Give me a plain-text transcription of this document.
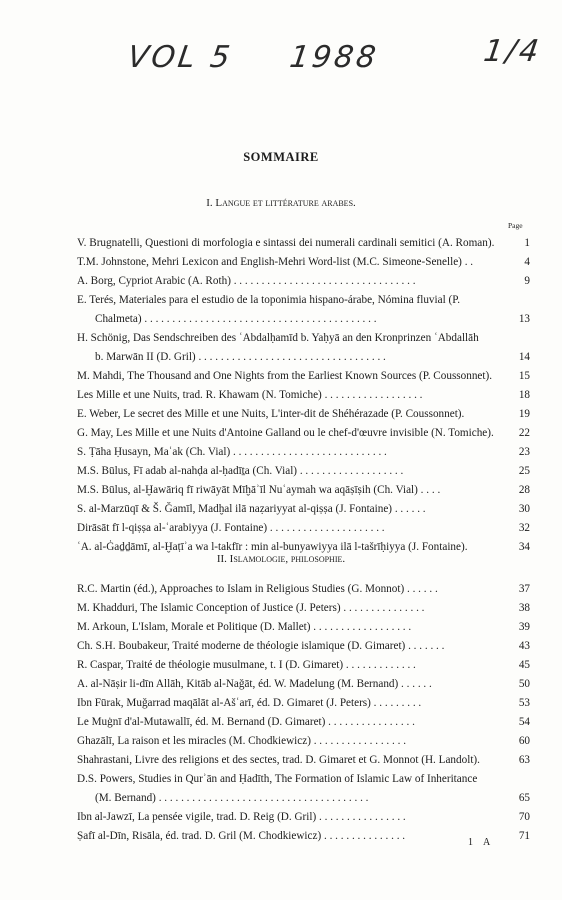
VOL 5 1988	1/4
SOMMAIRE
I. Langue et littérature arabes.
Page
V. Brugnatelli, Questioni di morfologia e sintassi dei numerali cardinali semitici (A. Roman).	1
T.M. Johnstone, Mehri Lexicon and English-Mehri Word-list (M.C. Simeone-Senelle) . .	4
A. Borg, Cypriot Arabic (A. Roth) . . . . . . . . . . . . . . . . . . . . . . . . . . . . . . . . .	9
E. Terés, Materiales para el estudio de la toponimia hispano-árabe, Nómina fluvial (P.
Chalmeta) . . . . . . . . . . . . . . . . . . . . . . . . . . . . . . . . . . . . . . . . . .	13
H. Schönig, Das Sendschreiben des ʿAbdalḥamīd b. Yaḥyā an den Kronprinzen ʿAbdallāh
b. Marwān II (D. Gril) . . . . . . . . . . . . . . . . . . . . . . . . . . . . . . . . . .	14
M. Mahdi, The Thousand and One Nights from the Earliest Known Sources (P. Coussonnet).	15
Les Mille et une Nuits, trad. R. Khawam (N. Tomiche) . . . . . . . . . . . . . . . . . .	18
E. Weber, Le secret des Mille et une Nuits, L'inter-dit de Shéhérazade (P. Coussonnet).	19
G. May, Les Mille et une Nuits d'Antoine Galland ou le chef-d'œuvre invisible (N. Tomiche).	22
S. Ṭāha Ḥusayn, Maʿak (Ch. Vial) . . . . . . . . . . . . . . . . . . . . . . . . . . . .	23
M.S. Būlus, Fī adab al-nahḍa al-ḥadīṯa (Ch. Vial) . . . . . . . . . . . . . . . . . . .	25
M.S. Būlus, al-Ḫawāriq fī riwāyāt Mīḫāʾīl Nuʿaymah wa aqāṣīṣih (Ch. Vial) . . . .	28
S. al-Marzūqī & Š. Ğamīl, Madḫal ilā naẓariyyat al-qiṣṣa (J. Fontaine) . . . . . .	30
Dirāsāt fī l-qiṣṣa al-ʿarabiyya (J. Fontaine) . . . . . . . . . . . . . . . . . . . . .	32
ʿA. al-Ġaḏḏāmī, al-Ḫaṭīʾa wa l-takfīr : min al-bunyawiyya ilā l-tašrīḥiyya (J. Fontaine).	34
II. Islamologie, philosophie.
R.C. Martin (éd.), Approaches to Islam in Religious Studies (G. Monnot) . . . . . .	37
M. Khadduri, The Islamic Conception of Justice (J. Peters) . . . . . . . . . . . . . . .	38
M. Arkoun, L'Islam, Morale et Politique (D. Mallet) . . . . . . . . . . . . . . . . . .	39
Ch. S.H. Boubakeur, Traité moderne de théologie islamique (D. Gimaret) . . . . . . .	43
R. Caspar, Traité de théologie musulmane, t. I (D. Gimaret) . . . . . . . . . . . . .	45
A. al-Nāṣir li-dīn Allāh, Kitāb al-Naǧāt, éd. W. Madelung (M. Bernand) . . . . . .	50
Ibn Fūrak, Muǧarrad maqālāt al-Ašʿarī, éd. D. Gimaret (J. Peters) . . . . . . . . .	53
Le Muġnī d'al-Mutawallī, éd. M. Bernand (D. Gimaret) . . . . . . . . . . . . . . . .	54
Ghazālī, La raison et les miracles (M. Chodkiewicz) . . . . . . . . . . . . . . . . .	60
Shahrastani, Livre des religions et des sectes, trad. D. Gimaret et G. Monnot (H. Landolt).	63
D.S. Powers, Studies in Qurʾān and Ḥadīth, The Formation of Islamic Law of Inheritance
(M. Bernand) . . . . . . . . . . . . . . . . . . . . . . . . . . . . . . . . . . . . . .	65
Ibn al-Jawzī, La pensée vigile, trad. D. Reig (D. Gril) . . . . . . . . . . . . . . . .	70
Ṣafī al-Dīn, Risāla, éd. trad. D. Gril (M. Chodkiewicz) . . . . . . . . . . . . . . .	71
1 A
